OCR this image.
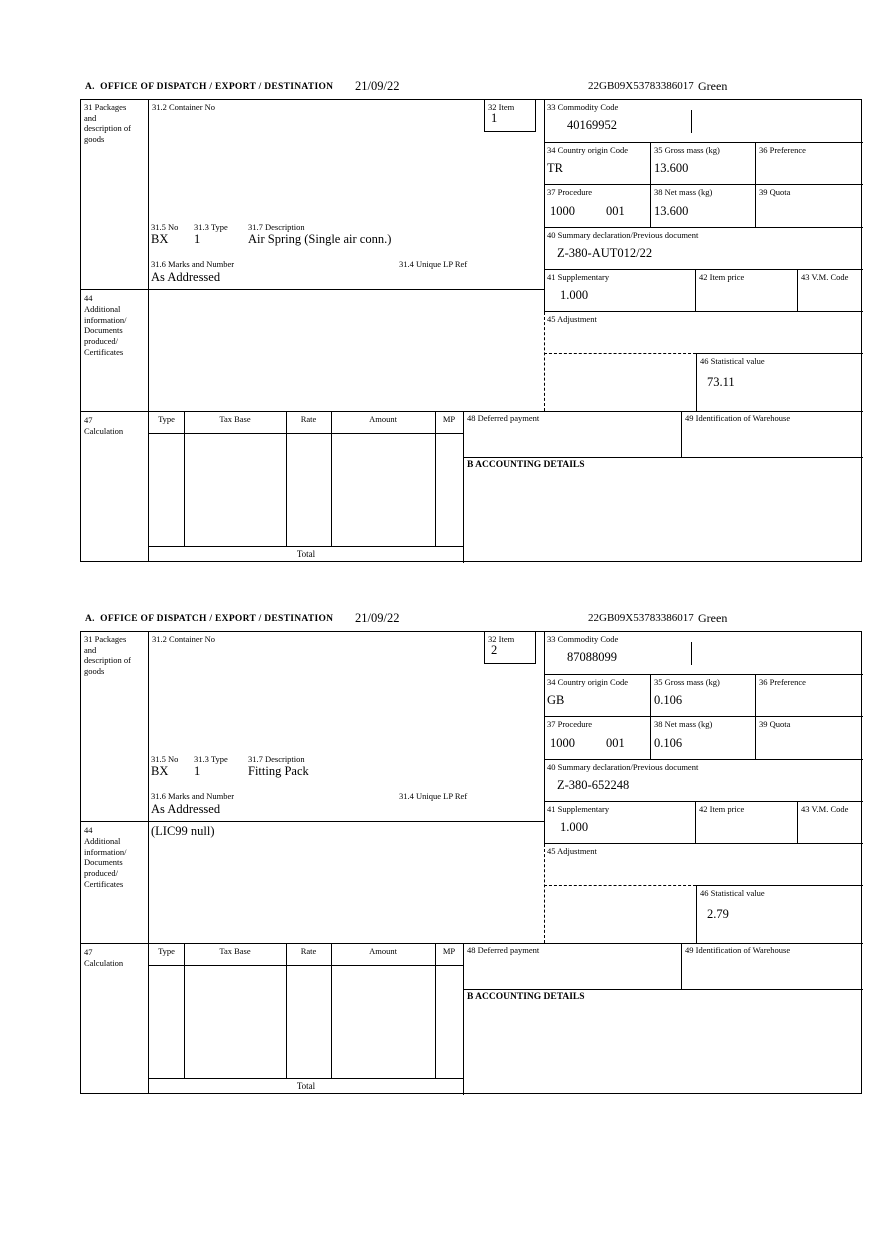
A.  OFFICE OF DISPATCH / EXPORT / DESTINATION 21/09/22	22GB09X53783386017 Green
31 Packages and description of goods
44
Additional information/ Documents produced/ Certificates
47
Calculation
31.2 Container No	32 Item
1
31.5 No 31.3 Type 31.7 Description
BX 1	Air Spring (Single air conn.)
31.6 Marks and Number	31.4 Unique LP Ref
As Addressed
33 Commodity Code
40169952
34 Country origin Code
TR
35 Gross mass (kg)
13.600
36 Preference
37 Procedure
1000 001
38 Net mass (kg)
13.600
39 Quota
40 Summary declaration/Previous document
Z-380-AUT012/22
41 Supplementary
1.000
42 Item price	43 V.M. Code
45 Adjustment
46 Statistical value
73.11
Type	Tax Base	Rate	Amount	MP
Total
48 Deferred payment	49 Identification of Warehouse
B ACCOUNTING DETAILS
A.  OFFICE OF DISPATCH / EXPORT / DESTINATION 21/09/22	22GB09X53783386017 Green
31 Packages and description of goods
44
Additional information/ Documents produced/ Certificates
47
Calculation
31.2 Container No	32 Item
2
31.5 No 31.3 Type 31.7 Description
BX 1	Fitting Pack
31.6 Marks and Number	31.4 Unique LP Ref
As Addressed
(LIC99 null)
33 Commodity Code
87088099
34 Country origin Code
GB
35 Gross mass (kg)
0.106
36 Preference
37 Procedure
1000 001
38 Net mass (kg)
0.106
39 Quota
40 Summary declaration/Previous document
Z-380-652248
41 Supplementary
1.000
42 Item price	43 V.M. Code
45 Adjustment
46 Statistical value
2.79
Type	Tax Base	Rate	Amount	MP
Total
48 Deferred payment	49 Identification of Warehouse
B ACCOUNTING DETAILS
